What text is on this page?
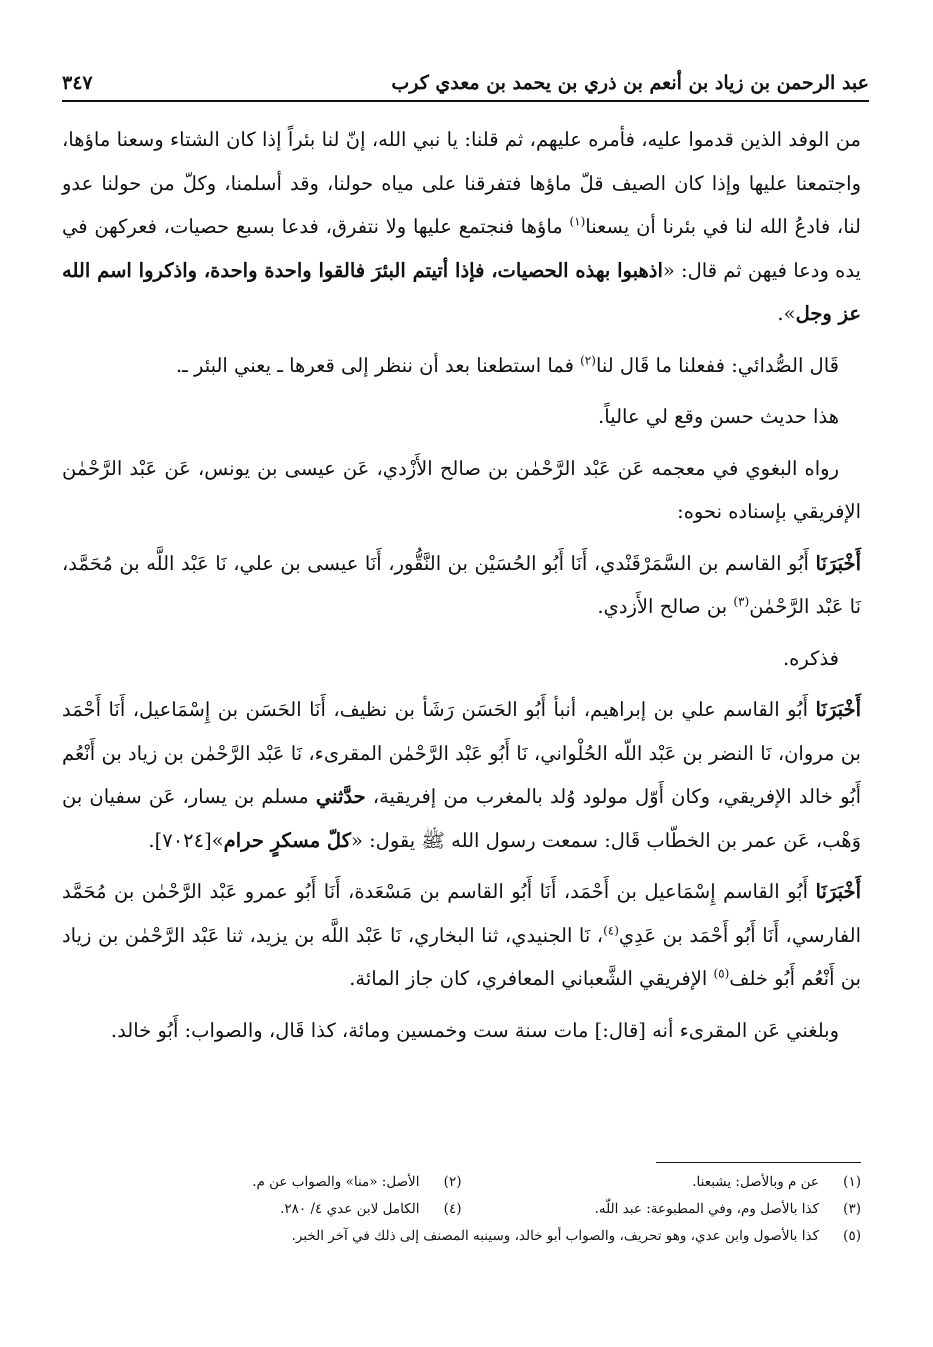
عبد الرحمن بن زياد بن أنعم بن ذري بن يحمد بن معدي كرب
٣٤٧

من الوفد الذين قدموا عليه، فأمره عليهم، ثم قلنا: يا نبي الله، إنّ لنا بئراً إذا كان الشتاء وسعنا ماؤها، واجتمعنا عليها وإذا كان الصيف قلّ ماؤها فتفرقنا على مياه حولنا، وقد أسلمنا، وكلّ من حولنا عدو لنا، فادعُ الله لنا في بئرنا أن يسعنا$^{(١)}$ ماؤها فنجتمع عليها ولا نتفرق، فدعا بسبع حصيات، فعركهن في يده ودعا فيهن ثم قال: «اذهبوا بهذه الحصيات، فإذا أتيتم البئرَ فالقوا واحدة واحدة، واذكروا اسم الله عز وجل».

قَال الصُّدائي: ففعلنا ما قَال لنا$^{(٢)}$ فما استطعنا بعد أن ننظر إلى قعرها ـ يعني البئر ـ.

هذا حديث حسن وقع لي عالياً.

رواه البغوي في معجمه عَن عَبْد الرَّحْمٰن بن صالح الأَزْدي، عَن عيسى بن يونس، عَن عَبْد الرَّحْمٰن الإفريقي بإسناده نحوه:

أَخْبَرَنَا أَبُو القاسم بن السَّمَرْقَنْدي، أَنَا أَبُو الحُسَيْن بن النَّقُّور، أَنَا عيسى بن علي، نَا عَبْد اللَّه بن مُحَمَّد، نَا عَبْد الرَّحْمٰن$^{(٣)}$ بن صالح الأَزدي.

فذكره.

أَخْبَرَنَا أَبُو القاسم علي بن إبراهيم، أنبأ أَبُو الحَسَن رَشَأ بن نظيف، أَنَا الحَسَن بن إِسْمَاعيل، أَنَا أَحْمَد بن مروان، نَا النضر بن عَبْد اللّه الحُلْواني، نَا أَبُو عَبْد الرَّحْمٰن المقرىء، نَا عَبْد الرَّحْمٰن بن زياد بن أَنْعُم أَبُو خالد الإفريقي، وكان أَوّل مولود وُلد بالمغرب من إفريقية، حدَّثني مسلم بن يسار، عَن سفيان بن وَهْب، عَن عمر بن الخطّاب قَال: سمعت رسول الله ﷺ يقول: «كلّ مسكرٍ حرام»[٧٠٢٤].

أَخْبَرَنَا أَبُو القاسم إِسْمَاعيل بن أَحْمَد، أَنَا أَبُو القاسم بن مَسْعَدة، أَنَا أَبُو عمرو عَبْد الرَّحْمٰن بن مُحَمَّد الفارسي، أَنَا أَبُو أَحْمَد بن عَدِي$^{(٤)}$، نَا الجنيدي، ثنا البخاري، نَا عَبْد اللَّه بن يزيد، ثنا عَبْد الرَّحْمٰن بن زياد بن أَنْعُم أَبُو خلف$^{(٥)}$ الإفريقي الشَّعباني المعافري، كان جاز المائة.

وبلغني عَن المقرىء أنه [قال:] مات سنة ست وخمسين ومائة، كذا قَال، والصواب: أَبُو خالد.

(١)
عن م وبالأصل: يشبعنا.
(٢)
الأصل: «منا» والصواب عن م.
(٣)
كذا بالأصل وم، وفي المطبوعة: عبد اللّه.
(٤)
الكامل لابن عدي ٤/ ٢٨٠.
(٥)
كذا بالأصول وابن عدي، وهو تحريف، والصواب أبو خالد، وسينبه المصنف إلى ذلك في آخر الخبر.
